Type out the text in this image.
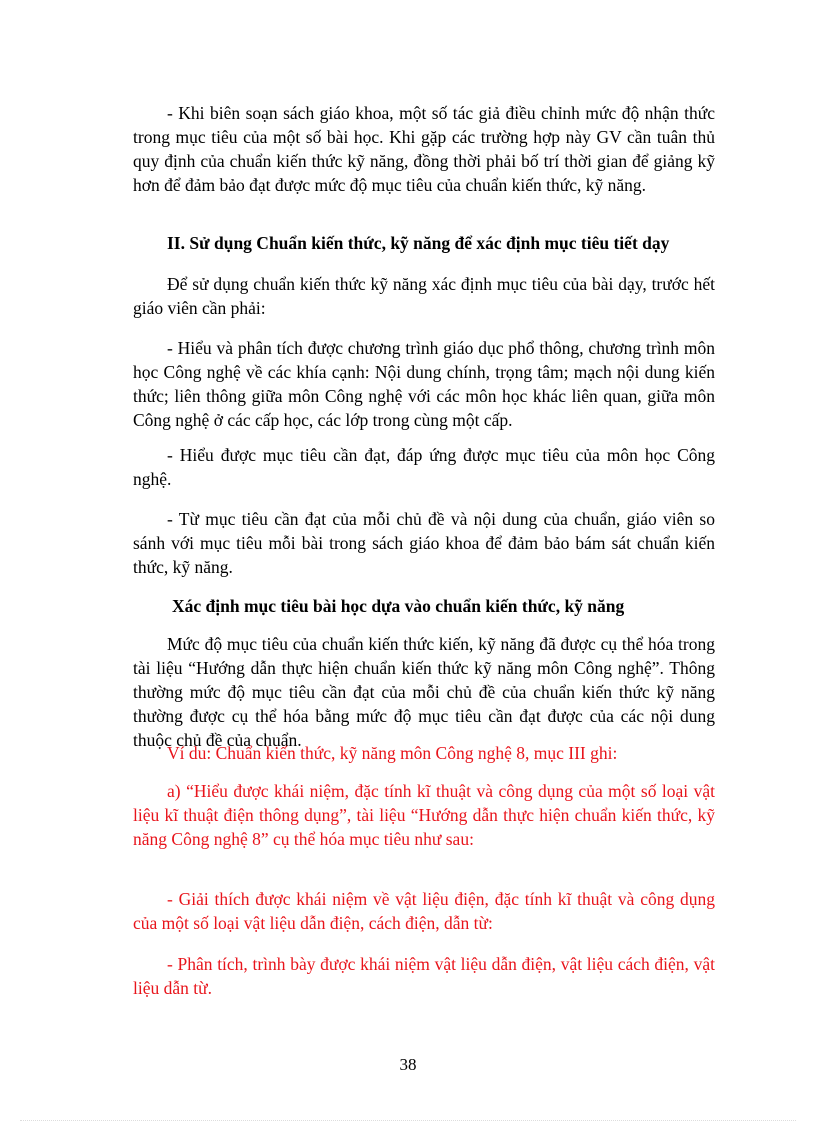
- Khi biên soạn sách giáo khoa, một số tác giả điều chỉnh mức độ nhận thức trong mục tiêu của một số bài học. Khi gặp các trường hợp này GV cần tuân thủ quy định của chuẩn kiến thức kỹ năng, đồng thời phải bố trí thời gian để giảng kỹ hơn để đảm bảo đạt được mức độ mục tiêu của chuẩn kiến thức, kỹ năng.

II. Sử dụng Chuẩn kiến thức, kỹ năng để xác định mục tiêu tiết dạy

Để sử dụng chuẩn kiến thức kỹ năng xác định mục tiêu của bài dạy, trước hết giáo viên cần phải:

- Hiểu và phân tích được chương trình giáo dục phổ thông, chương trình môn học Công nghệ về các khía cạnh: Nội dung chính, trọng tâm; mạch nội dung kiến thức; liên thông giữa môn Công nghệ với các môn học khác liên quan, giữa môn Công nghệ ở các cấp học, các lớp trong cùng một cấp.

- Hiểu được mục tiêu cần đạt, đáp ứng được mục tiêu của môn học Công nghệ.

- Từ mục tiêu cần đạt của mỗi chủ đề và nội dung của chuẩn, giáo viên so sánh với mục tiêu mỗi bài trong sách giáo khoa để đảm bảo bám sát chuẩn kiến thức, kỹ năng.

Xác định mục tiêu bài học dựa vào chuẩn kiến thức, kỹ năng

Mức độ mục tiêu của chuẩn kiến thức kiến, kỹ năng đã được cụ thể hóa trong tài liệu “Hướng dẫn thực hiện chuẩn kiến thức kỹ năng môn Công nghệ”. Thông thường mức độ mục tiêu cần đạt của mỗi chủ đề của chuẩn kiến thức kỹ năng thường được cụ thể hóa bằng mức độ mục tiêu cần đạt được của các nội dung thuộc chủ đề của chuẩn.

Ví du: Chuẩn kiến thức, kỹ năng môn Công nghệ 8, mục III ghi:

a) “Hiểu được khái niệm, đặc tính kĩ thuật và công dụng của một số loại vật liệu kĩ thuật điện thông dụng”, tài liệu “Hướng dẫn thực hiện chuẩn kiến thức, kỹ năng Công nghệ 8” cụ thể hóa mục tiêu như sau:

- Giải thích được khái niệm về vật liệu điện, đặc tính kĩ thuật và công dụng của một số loại vật liệu dẫn điện, cách điện, dẫn từ:

- Phân tích, trình bày được khái niệm vật liệu dẫn điện, vật liệu cách điện, vật liệu dẫn từ.

38
